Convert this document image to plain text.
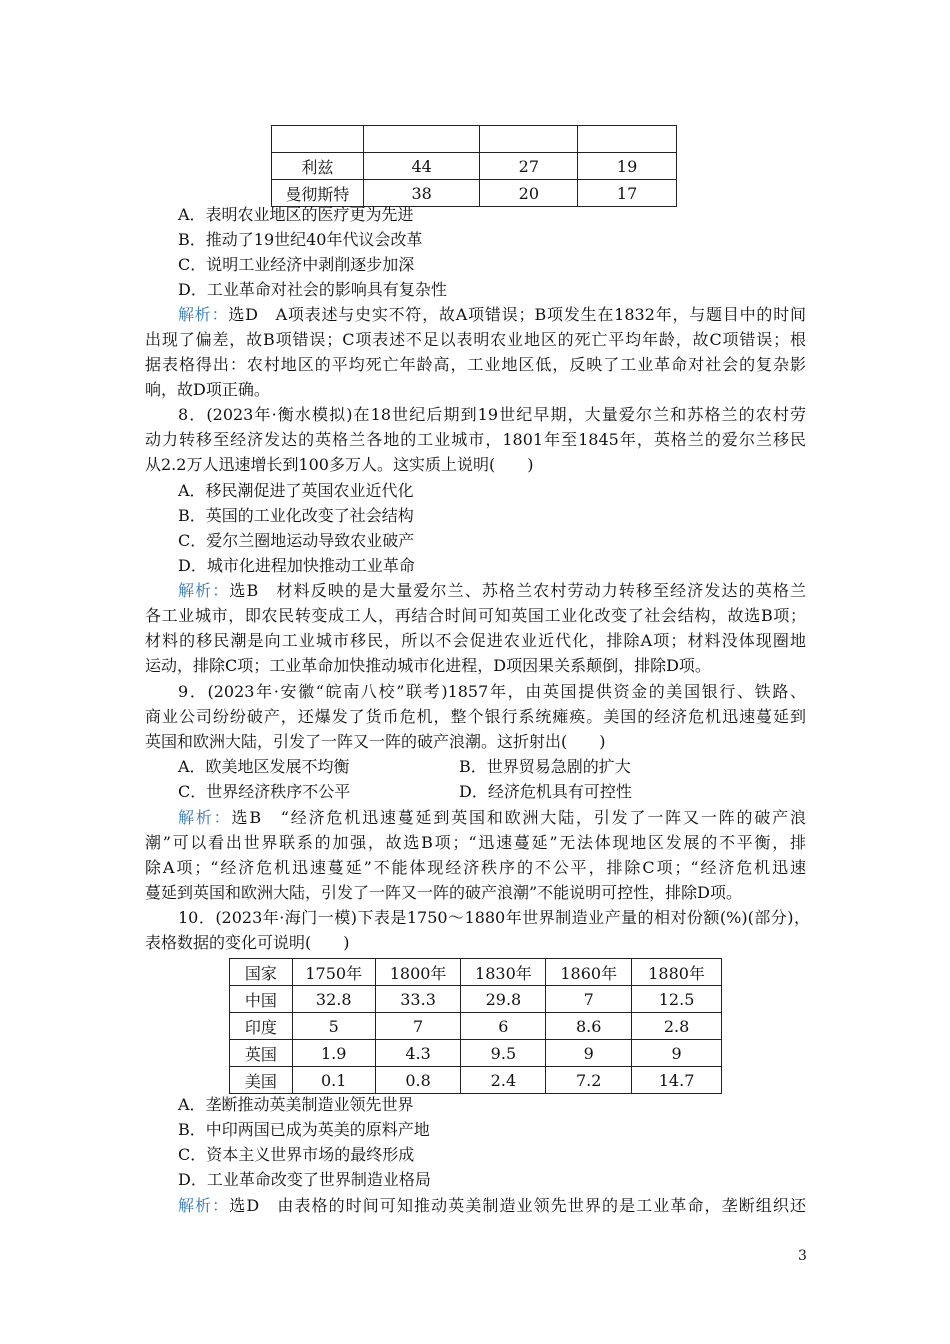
利兹	44	27	19
曼彻斯特	38	20	17
A．表明农业地区的医疗更为先进
B．推动了19世纪40年代议会改革
C．说明工业经济中剥削逐步加深
D．工业革命对社会的影响具有复杂性
解析：选D　A项表述与史实不符，故A项错误；B项发生在1832年，与题目中的时间
出现了偏差，故B项错误；C项表述不足以表明农业地区的死亡平均年龄，故C项错误；根
据表格得出：农村地区的平均死亡年龄高，工业地区低，反映了工业革命对社会的复杂影
响，故D项正确。
8．(2023年·衡水模拟)在18世纪后期到19世纪早期，大量爱尔兰和苏格兰的农村劳
动力转移至经济发达的英格兰各地的工业城市，1801年至1845年，英格兰的爱尔兰移民
从2.2万人迅速增长到100多万人。这实质上说明(　　)
A．移民潮促进了英国农业近代化
B．英国的工业化改变了社会结构
C．爱尔兰圈地运动导致农业破产
D．城市化进程加快推动工业革命
解析：选B　材料反映的是大量爱尔兰、苏格兰农村劳动力转移至经济发达的英格兰
各工业城市，即农民转变成工人，再结合时间可知英国工业化改变了社会结构，故选B项；
材料的移民潮是向工业城市移民，所以不会促进农业近代化，排除A项；材料没体现圈地
运动，排除C项；工业革命加快推动城市化进程，D项因果关系颠倒，排除D项。
9．(2023年·安徽“皖南八校”联考)1857年，由英国提供资金的美国银行、铁路、
商业公司纷纷破产，还爆发了货币危机，整个银行系统瘫痪。美国的经济危机迅速蔓延到
英国和欧洲大陆，引发了一阵又一阵的破产浪潮。这折射出(　　)
A．欧美地区发展不均衡	B．世界贸易急剧的扩大
C．世界经济秩序不公平	D．经济危机具有可控性
解析：选B　“经济危机迅速蔓延到英国和欧洲大陆，引发了一阵又一阵的破产浪
潮”可以看出世界联系的加强，故选B项；“迅速蔓延”无法体现地区发展的不平衡，排
除A项；“经济危机迅速蔓延”不能体现经济秩序的不公平，排除C项；“经济危机迅速
蔓延到英国和欧洲大陆，引发了一阵又一阵的破产浪潮”不能说明可控性，排除D项。
10．(2023年·海门一模)下表是1750～1880年世界制造业产量的相对份额(%)(部分)，
表格数据的变化可说明(　　)
国家	1750年	1800年	1830年	1860年	1880年
中国	32.8	33.3	29.8	7	12.5
印度	5	7	6	8.6	2.8
英国	1.9	4.3	9.5	9	9
美国	0.1	0.8	2.4	7.2	14.7
A．垄断推动英美制造业领先世界
B．中印两国已成为英美的原料产地
C．资本主义世界市场的最终形成
D．工业革命改变了世界制造业格局
解析：选D　由表格的时间可知推动英美制造业领先世界的是工业革命，垄断组织还
3
